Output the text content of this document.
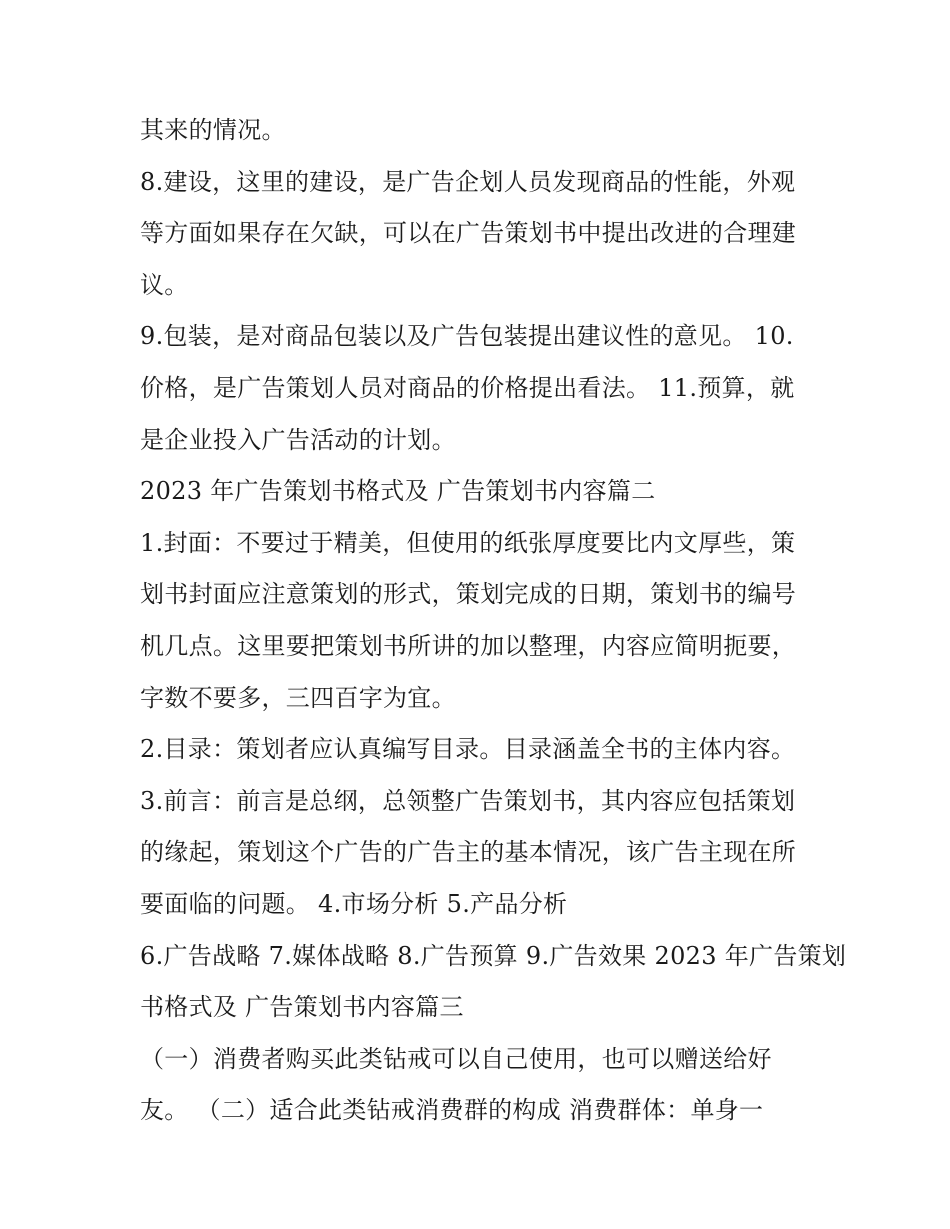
其来的情况。
8.建设，这里的建设，是广告企划人员发现商品的性能，外观
等方面如果存在欠缺，可以在广告策划书中提出改进的合理建
议。
9.包装，是对商品包装以及广告包装提出建议性的意见。 10.
价格，是广告策划人员对商品的价格提出看法。 11.预算，就
是企业投入广告活动的计划。
2023 年广告策划书格式及 广告策划书内容篇二
1.封面：不要过于精美，但使用的纸张厚度要比内文厚些，策
划书封面应注意策划的形式，策划完成的日期，策划书的编号
机几点。这里要把策划书所讲的加以整理，内容应简明扼要，
字数不要多，三四百字为宜。
2.目录：策划者应认真编写目录。目录涵盖全书的主体内容。
3.前言：前言是总纲，总领整广告策划书，其内容应包括策划
的缘起，策划这个广告的广告主的基本情况，该广告主现在所
要面临的问题。 4.市场分析 5.产品分析
6.广告战略 7.媒体战略 8.广告预算 9.广告效果 2023 年广告策划
书格式及 广告策划书内容篇三
（一）消费者购买此类钻戒可以自己使用，也可以赠送给好
友。 （二）适合此类钻戒消费群的构成 消费群体：单身一
